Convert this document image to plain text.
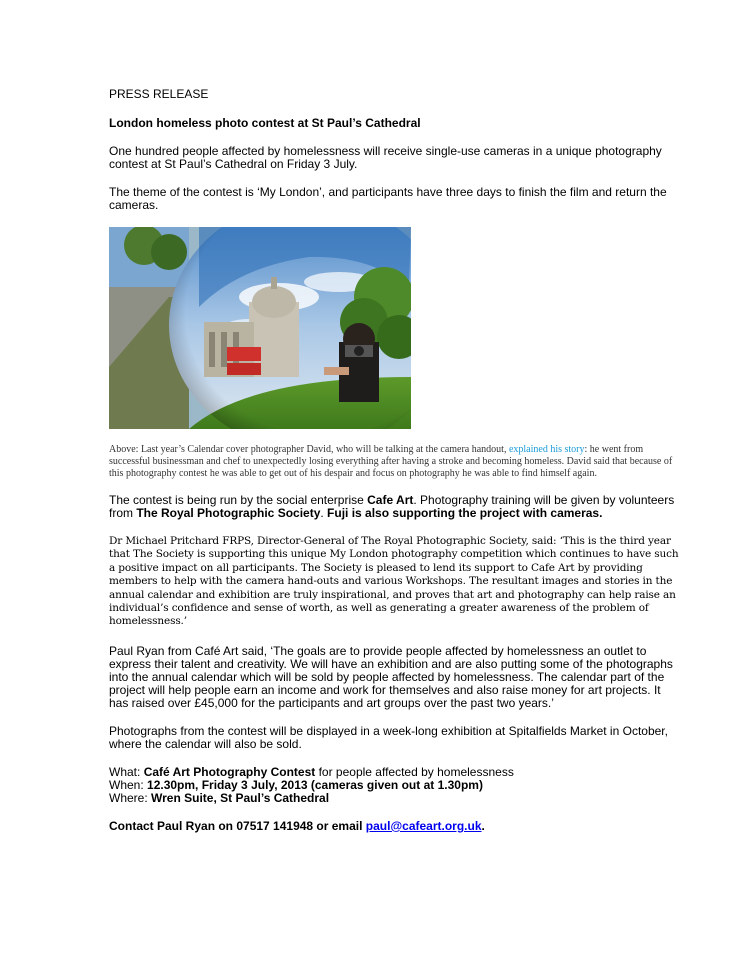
PRESS RELEASE

London homeless photo contest at St Paul’s Cathedral

One hundred people affected by homelessness will receive single-use cameras in a unique photography contest at St Paul’s Cathedral on Friday 3 July.

The theme of the contest is ‘My London’, and participants have three days to finish the film and return the cameras.

Above: Last year’s Calendar cover photographer David, who will be talking at the camera handout, explained his story: he went from successful businessman and chef to unexpectedly losing everything after having a stroke and becoming homeless. David said that because of this photography contest he was able to get out of his despair and focus on photography he was able to find himself again.

The contest is being run by the social enterprise Cafe Art. Photography training will be given by volunteers from The Royal Photographic Society. Fuji is also supporting the project with cameras.

Dr Michael Pritchard FRPS, Director-General of The Royal Photographic Society, said: ‘This is the third year that The Society is supporting this unique My London photography competition which continues to have such a positive impact on all participants. The Society is pleased to lend its support to Cafe Art by providing members to help with the camera hand-outs and various Workshops. The resultant images and stories in the annual calendar and exhibition are truly inspirational, and proves that art and photography can help raise an individual’s confidence and sense of worth, as well as generating a greater awareness of the problem of homelessness.’

Paul Ryan from Café Art said, ‘The goals are to provide people affected by homelessness an outlet to express their talent and creativity. We will have an exhibition and are also putting some of the photographs into the annual calendar which will be sold by people affected by homelessness. The calendar part of the project will help people earn an income and work for themselves and also raise money for art projects. It has raised over £45,000 for the participants and art groups over the past two years.’

Photographs from the contest will be displayed in a week-long exhibition at Spitalfields Market in October, where the calendar will also be sold.

What: Café Art Photography Contest for people affected by homelessness

When: 12.30pm, Friday 3 July, 2013 (cameras given out at 1.30pm)

Where: Wren Suite, St Paul’s Cathedral

Contact Paul Ryan on 07517 141948 or email paul@cafeart.org.uk.
